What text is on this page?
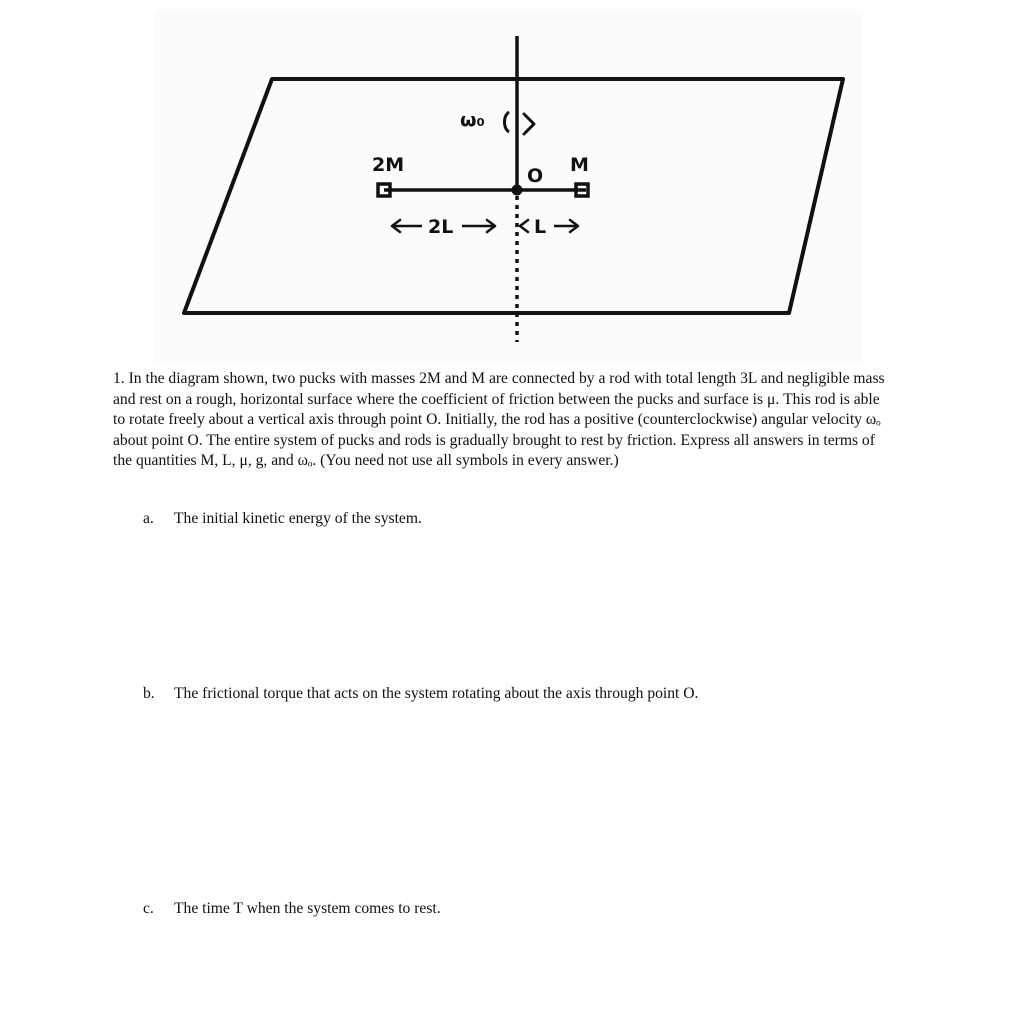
ω₀
2M	M
O
2L	L

1. In the diagram shown, two pucks with masses 2M and M are connected by a rod with total length 3L and negligible mass and rest on a rough, horizontal surface where the coefficient of friction between the pucks and surface is μ. This rod is able to rotate freely about a vertical axis through point O. Initially, the rod has a positive (counterclockwise) angular velocity ωₒ about point O. The entire system of pucks and rods is gradually brought to rest by friction. Express all answers in terms of the quantities M, L, μ, g, and ωₒ. (You need not use all symbols in every answer.)

a. The initial kinetic energy of the system.
b. The frictional torque that acts on the system rotating about the axis through point O.
c. The time T when the system comes to rest.
